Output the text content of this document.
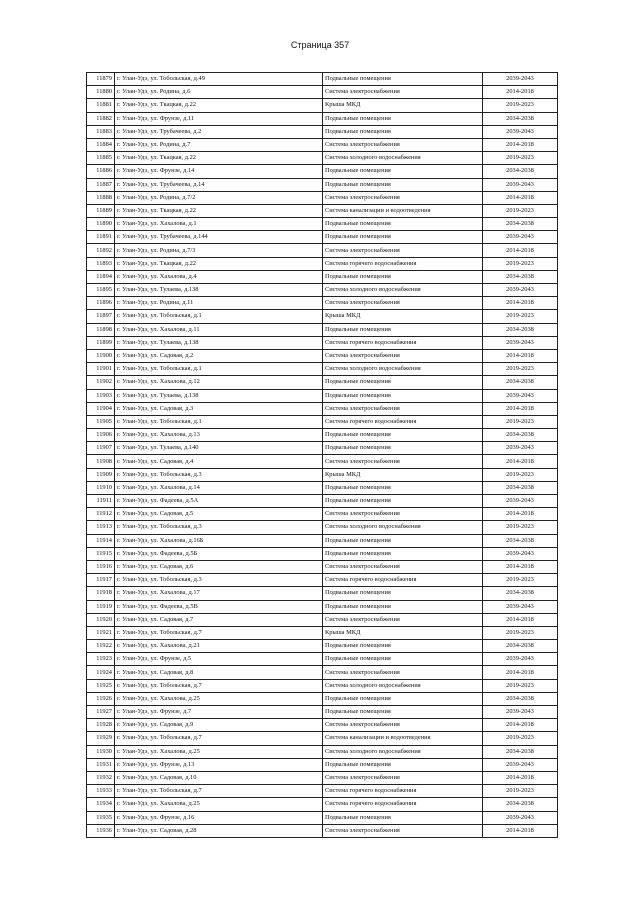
Страница 357
11879	г. Улан-Удэ, ул. Тобольская, д.49	Подвальные помещения	2039-2043
11880	г. Улан-Удэ, ул. Родина, д.6	Система электроснабжения	2014-2018
11881	г. Улан-Удэ, ул. Ткацкая, д.22	Крыша МКД	2019-2023
11882	г. Улан-Удэ, ул. Фрунзе, д.11	Подвальные помещения	2034-2038
11883	г. Улан-Удэ, ул. Трубачеева, д.2	Подвальные помещения	2039-2043
11884	г. Улан-Удэ, ул. Родина, д.7	Система электроснабжения	2014-2018
11885	г. Улан-Удэ, ул. Ткацкая, д.22	Система холодного водоснабжения	2019-2023
11886	г. Улан-Удэ, ул. Фрунзе, д.14	Подвальные помещения	2034-2038
11887	г. Улан-Удэ, ул. Трубачеева, д.14	Подвальные помещения	2039-2043
11888	г. Улан-Удэ, ул. Родина, д.7/2	Система электроснабжения	2014-2018
11889	г. Улан-Удэ, ул. Ткацкая, д.22	Система канализации и водоотведения	2019-2023
11890	г. Улан-Удэ, ул. Хахалова, д.1	Подвальные помещения	2034-2038
11891	г. Улан-Удэ, ул. Трубачеева, д.144	Подвальные помещения	2039-2043
11892	г. Улан-Удэ, ул. Родина, д.7/3	Система электроснабжения	2014-2018
11893	г. Улан-Удэ, ул. Ткацкая, д.22	Система горячего водоснабжения	2019-2023
11894	г. Улан-Удэ, ул. Хахалова, д.4	Подвальные помещения	2034-2038
11895	г. Улан-Удэ, ул. Тулаева, д.138	Система холодного водоснабжения	2039-2043
11896	г. Улан-Удэ, ул. Родина, д.11	Система электроснабжения	2014-2018
11897	г. Улан-Удэ, ул. Тобольская, д.1	Крыша МКД	2019-2023
11898	г. Улан-Удэ, ул. Хахалова, д.11	Подвальные помещения	2034-2038
11899	г. Улан-Удэ, ул. Тулаева, д.138	Система горячего водоснабжения	2039-2043
11900	г. Улан-Удэ, ул. Садовая, д.2	Система электроснабжения	2014-2018
11901	г. Улан-Удэ, ул. Тобольская, д.1	Система холодного водоснабжения	2019-2023
11902	г. Улан-Удэ, ул. Хахалова, д.12	Подвальные помещения	2034-2038
11903	г. Улан-Удэ, ул. Тулаева, д.138	Подвальные помещения	2039-2043
11904	г. Улан-Удэ, ул. Садовая, д.3	Система электроснабжения	2014-2018
11905	г. Улан-Удэ, ул. Тобольская, д.1	Система горячего водоснабжения	2019-2023
11906	г. Улан-Удэ, ул. Хахалова, д.13	Подвальные помещения	2034-2038
11907	г. Улан-Удэ, ул. Тулаева, д.140	Подвальные помещения	2039-2043
11908	г. Улан-Удэ, ул. Садовая, д.4	Система электроснабжения	2014-2018
11909	г. Улан-Удэ, ул. Тобольская, д.3	Крыша МКД	2019-2023
11910	г. Улан-Удэ, ул. Хахалова, д.14	Подвальные помещения	2034-2038
11911	г. Улан-Удэ, ул. Фадеева, д.5А	Подвальные помещения	2039-2043
11912	г. Улан-Удэ, ул. Садовая, д.5	Система электроснабжения	2014-2018
11913	г. Улан-Удэ, ул. Тобольская, д.3	Система холодного водоснабжения	2019-2023
11914	г. Улан-Удэ, ул. Хахалова, д.16Б	Подвальные помещения	2034-2038
11915	г. Улан-Удэ, ул. Фадеева, д.5Б	Подвальные помещения	2039-2043
11916	г. Улан-Удэ, ул. Садовая, д.6	Система электроснабжения	2014-2018
11917	г. Улан-Удэ, ул. Тобольская, д.3	Система горячего водоснабжения	2019-2023
11918	г. Улан-Удэ, ул. Хахалова, д.17	Подвальные помещения	2034-2038
11919	г. Улан-Удэ, ул. Фадеева, д.5В	Подвальные помещения	2039-2043
11920	г. Улан-Удэ, ул. Садовая, д.7	Система электроснабжения	2014-2018
11921	г. Улан-Удэ, ул. Тобольская, д.7	Крыша МКД	2019-2023
11922	г. Улан-Удэ, ул. Хахалова, д.21	Подвальные помещения	2034-2038
11923	г. Улан-Удэ, ул. Фрунзе, д.5	Подвальные помещения	2039-2043
11924	г. Улан-Удэ, ул. Садовая, д.8	Система электроснабжения	2014-2018
11925	г. Улан-Удэ, ул. Тобольская, д.7	Система холодного водоснабжения	2019-2023
11926	г. Улан-Удэ, ул. Хахалова, д.25	Подвальные помещения	2034-2038
11927	г. Улан-Удэ, ул. Фрунзе, д.7	Подвальные помещения	2039-2043
11928	г. Улан-Удэ, ул. Садовая, д.9	Система электроснабжения	2014-2018
11929	г. Улан-Удэ, ул. Тобольская, д.7	Система канализации и водоотведения	2019-2023
11930	г. Улан-Удэ, ул. Хахалова, д.25	Система холодного водоснабжения	2034-2038
11931	г. Улан-Удэ, ул. Фрунзе, д.13	Подвальные помещения	2039-2043
11932	г. Улан-Удэ, ул. Садовая, д.10	Система электроснабжения	2014-2018
11933	г. Улан-Удэ, ул. Тобольская, д.7	Система горячего водоснабжения	2019-2023
11934	г. Улан-Удэ, ул. Хахалова, д.25	Система горячего водоснабжения	2034-2038
11935	г. Улан-Удэ, ул. Фрунзе, д.16	Подвальные помещения	2039-2043
11936	г. Улан-Удэ, ул. Садовая, д.28	Система электроснабжения	2014-2018
